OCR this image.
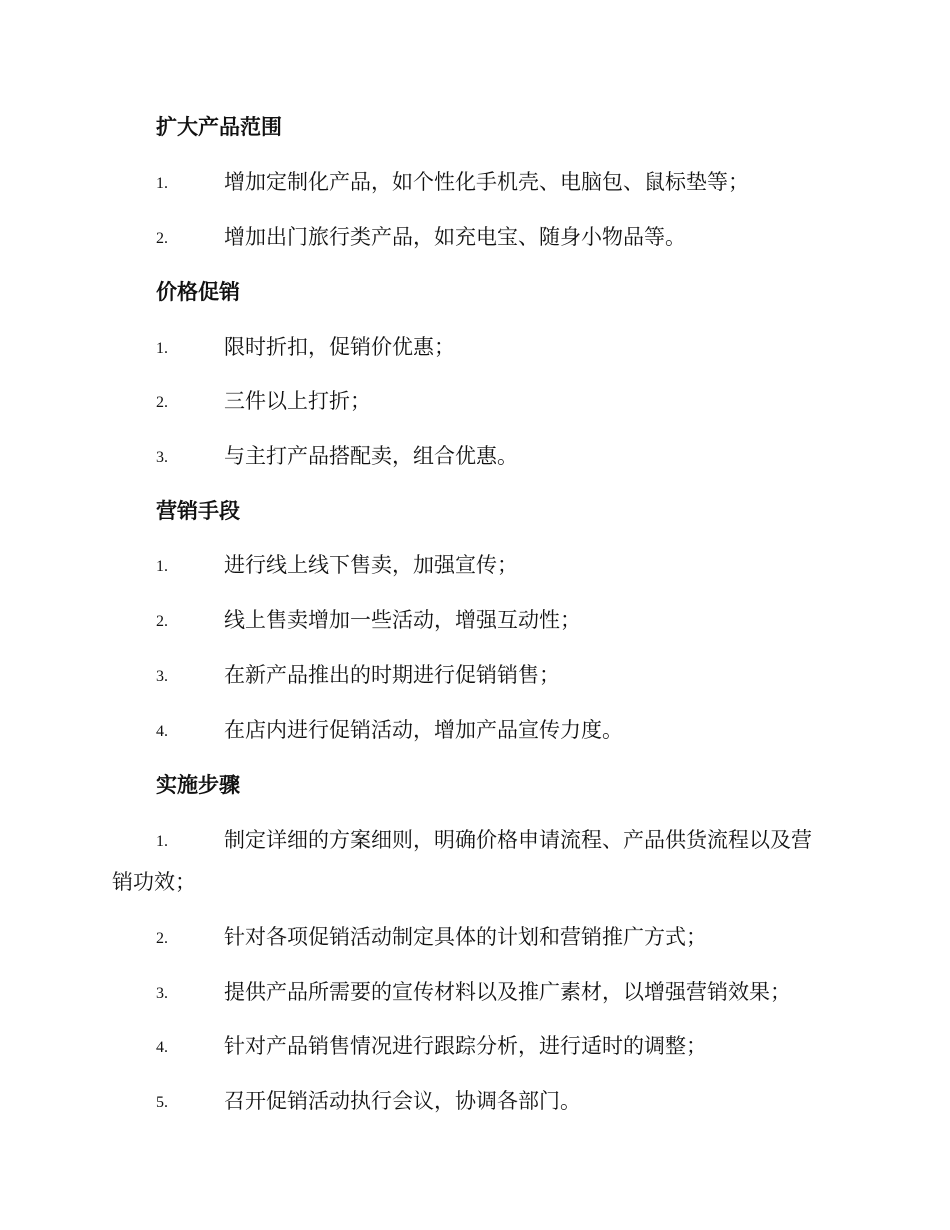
扩大产品范围
1.	增加定制化产品，如个性化手机壳、电脑包、鼠标垫等；
2.	增加出门旅行类产品，如充电宝、随身小物品等。
价格促销
1.	限时折扣，促销价优惠；
2.	三件以上打折；
3.	与主打产品搭配卖，组合优惠。
营销手段
1.	进行线上线下售卖，加强宣传；
2.	线上售卖增加一些活动，增强互动性；
3.	在新产品推出的时期进行促销销售；
4.	在店内进行促销活动，增加产品宣传力度。
实施步骤
1.	制定详细的方案细则，明确价格申请流程、产品供货流程以及营
销功效；
2.	针对各项促销活动制定具体的计划和营销推广方式；
3.	提供产品所需要的宣传材料以及推广素材，以增强营销效果；
4.	针对产品销售情况进行跟踪分析，进行适时的调整；
5.	召开促销活动执行会议，协调各部门。
